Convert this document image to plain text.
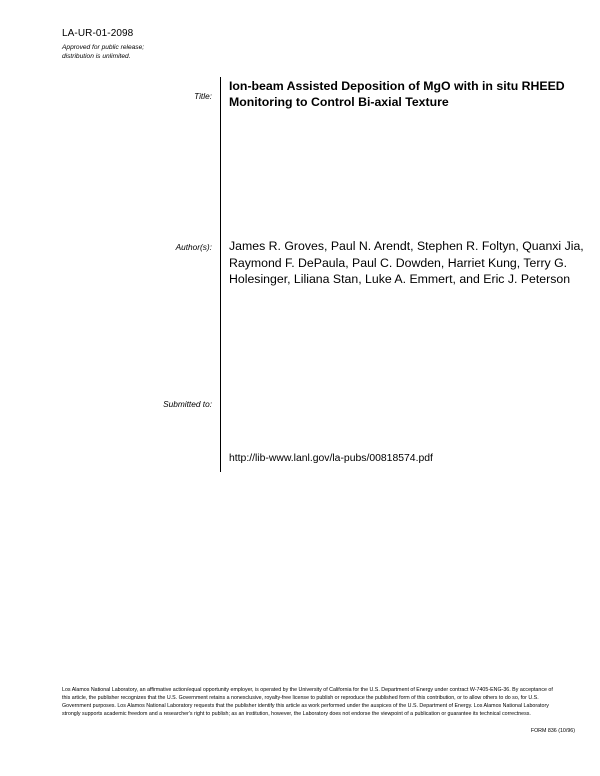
LA-UR-01-2098
Approved for public release;
distribution is unlimited.
Title:
Ion-beam Assisted Deposition of MgO with in situ RHEED Monitoring to Control Bi-axial Texture
Author(s): James R. Groves, Paul N. Arendt, Stephen R. Foltyn, Quanxi Jia, Raymond F. DePaula, Paul C. Dowden, Harriet Kung, Terry G. Holesinger, Liliana Stan, Luke A. Emmert, and Eric J. Peterson
Submitted to:
http://lib-www.lanl.gov/la-pubs/00818574.pdf
Los Alamos National Laboratory, an affirmative action/equal opportunity employer, is operated by the University of California for the U.S. Department of Energy under contract W-7405-ENG-36. By acceptance of this article, the publisher recognizes that the U.S. Government retains a nonexclusive, royalty-free license to publish or reproduce the published form of this contribution, or to allow others to do so, for U.S. Government purposes. Los Alamos National Laboratory requests that the publisher identify this article as work performed under the auspices of the U.S. Department of Energy. Los Alamos National Laboratory strongly supports academic freedom and a researcher's right to publish; as an institution, however, the Laboratory does not endorse the viewpoint of a publication or guarantee its technical correctness.
FORM 836 (10/96)
